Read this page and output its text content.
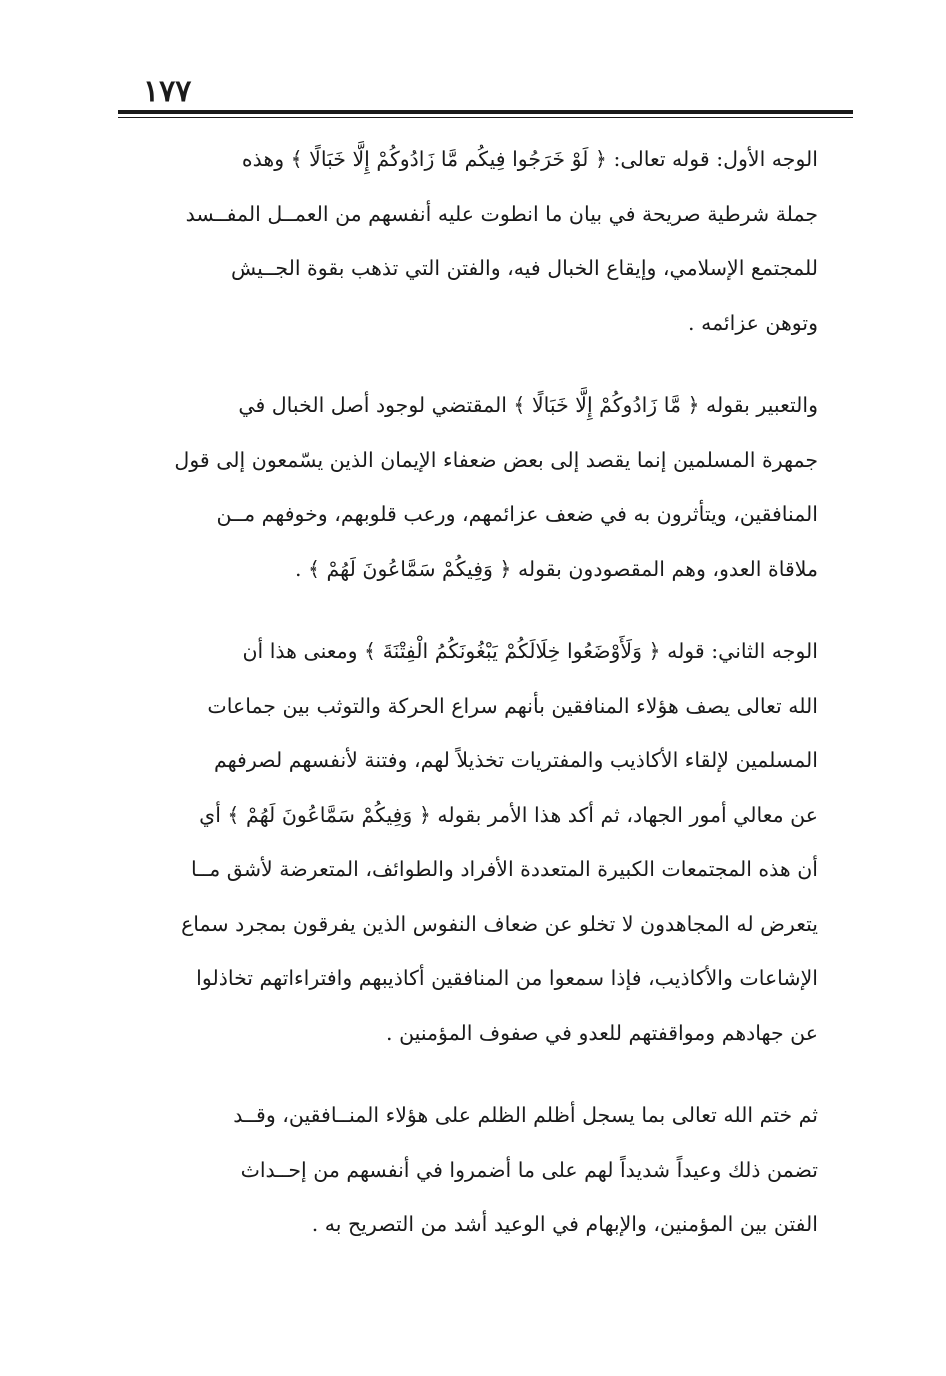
١٧٧
الوجه الأول: قوله تعالى: ﴿ لَوْ خَرَجُوا فِيكُم مَّا زَادُوكُمْ إِلَّا خَبَالًا ﴾ وهذه
جملة شرطية صريحة في بيان ما انطوت عليه أنفسهم من العمــل المفــسد
للمجتمع الإسلامي، وإيقاع الخبال فيه، والفتن التي تذهب بقوة الجــيش
وتوهن عزائمه .
والتعبير بقوله ﴿ مَّا زَادُوكُمْ إِلَّا خَبَالًا ﴾ المقتضي لوجود أصل الخبال في
جمهرة المسلمين إنما يقصد إلى بعض ضعفاء الإيمان الذين يسّمعون إلى قول
المنافقين، ويتأثرون به في ضعف عزائمهم، ورعب قلوبهم، وخوفهم مــن
ملاقاة العدو، وهم المقصودون بقوله ﴿ وَفِيكُمْ سَمَّاعُونَ لَهُمْ ﴾ .
الوجه الثاني: قوله ﴿ وَلَأَوْضَعُوا خِلَالَكُمْ يَبْغُونَكُمُ الْفِتْنَةَ ﴾ ومعنى هذا أن
الله تعالى يصف هؤلاء المنافقين بأنهم سراع الحركة والتوثب بين جماعات
المسلمين لإلقاء الأكاذيب والمفتريات تخذيلاً لهم، وفتنة لأنفسهم لصرفهم
عن معالي أمور الجهاد، ثم أكد هذا الأمر بقوله ﴿ وَفِيكُمْ سَمَّاعُونَ لَهُمْ ﴾ أي
أن هذه المجتمعات الكبيرة المتعددة الأفراد والطوائف، المتعرضة لأشق مــا
يتعرض له المجاهدون لا تخلو عن ضعاف النفوس الذين يفرقون بمجرد سماع
الإشاعات والأكاذيب، فإذا سمعوا من المنافقين أكاذيبهم وافتراءاتهم تخاذلوا
عن جهادهم ومواقفتهم للعدو في صفوف المؤمنين .
ثم ختم الله تعالى بما يسجل أظلم الظلم على هؤلاء المنــافقين، وقــد
تضمن ذلك وعيداً شديداً لهم على ما أضمروا في أنفسهم من إحــداث
الفتن بين المؤمنين، والإبهام في الوعيد أشد من التصريح به .
